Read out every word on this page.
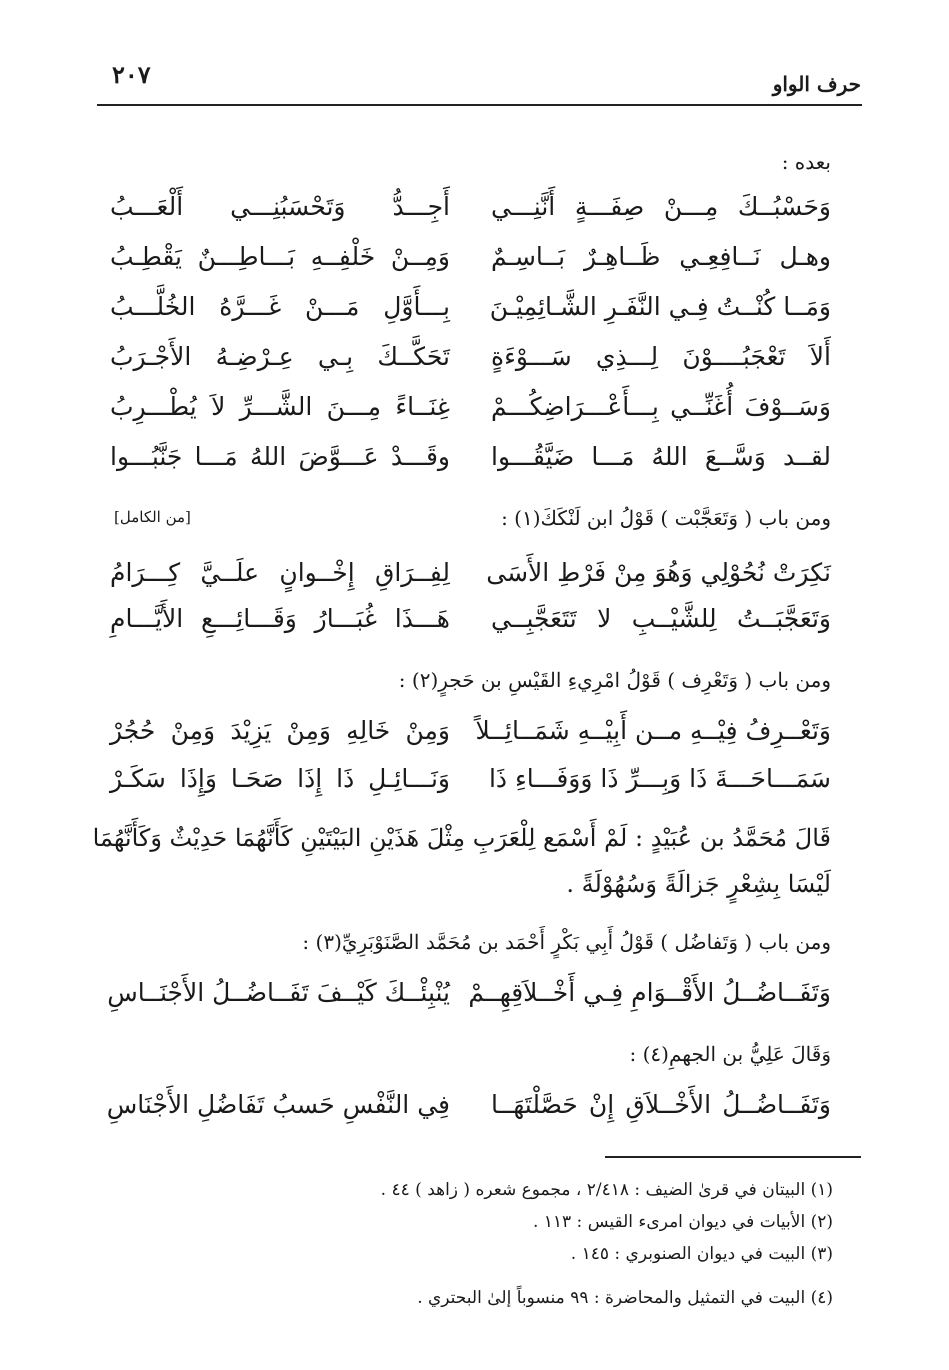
حرف الواو
٢٠٧
بعده :
وَحَسْبُــكَ مِـــنْ صِفَـــةٍ أَنَّنِـــي
أَجِـــدُّ وَتَحْسَبُنِـــي أَلْعَـــبُ
وهـل نَــافِعِـي ظَــاهِـرٌ بَــاسِـمٌ
وَمِــنْ خَلْفِــهِ بَـــاطِـــنٌ يَقْطِـبُ
وَمَــا كُنْــتُ فِـي النَّفَـرِ الشَّـائِمِيْـنَ
بِـــأَوَّلِ مَـــنْ غَـــرَّهُ الخُلَّـــبُ
أَلاَ تَعْجَبُــــوْنَ لِـــذِي سَـــوْءَةٍ
تَحَكَّــكَ بِـي عِـرْضِـهُ الأَجْـرَبُ
وَسَــوْفَ أُغَنِّــي بِـــأَعْـــرَاضِكُـــمْ
غِنَــاءً مِـــنَ الشَّـــرِّ لاَ يُطْـــرِبُ
لقــد وَسَّــعَ اللهُ مَـــا ضَيَّقُـــوا
وقَـــدْ عَـــوَّضَ اللهُ مَـــا جَنَّبُـــوا
ومن باب ( وَتَعَجَّبْت ) قَوْلُ ابن لَنْكَكَ(١) :
[من الكامل]
نَكِرَتْ نُحُوْلِي وَهُوَ مِنْ فَرْطِ الأَسَى
لِفِــرَاقِ إِخْــوانٍ علَــيَّ كِـــرَامُ
وَتَعَجَّبَــتُ لِلشَّيْــبِ لا تَتَعَجَّبِــي
هَـــذَا غُبَـــارُ وَقَـــائِـــعِ الأَيَّـــامِ
ومن باب ( وَتَعْرِف ) قَوْلُ امْرِيءِ القَيْسِ بن حَجرٍ(٢) :
وَتَعْــرِفُ فِيْــهِ مــن أَبِيْــهِ شَمَــائِــلاً
وَمِنْ خَالِهِ وَمِنْ يَزِيْدَ وَمِنْ حُجُرْ
سَمَـــاحَـــةَ ذَا وَبِـــرِّ ذَا وَوَفَـــاءِ ذَا
وَنَـــائِـلِ ذَا إِذَا صَحَـا وَإِذَا سَكَـرْ
قَالَ مُحَمَّدُ بن عُبَيْدٍ : لَمْ أَسْمَع لِلْعَرَبِ مِثْلَ هَذَيْنِ البَيْتَيْنِ كَأَنَّهُمَا حَدِيْثٌ وَكَأَنَّهُمَا
لَيْسَا بِشِعْرٍ جَزالَةً وَسُهُوْلَةً .
ومن باب ( وَتَفاضُل ) قَوْلُ أَبِي بَكْرٍ أَحْمَد بن مُحَمَّد الصَّنَوْبَرِيِّ(٣) :
وَتَفَــاضُــلُ الأَقْــوَامِ فِـي أَخْــلاَقِهِــمْ
يُنْبِئْــكَ كَيْــفَ تَفَــاضُــلُ الأَجْنَــاسِ
وَقَالَ عَلِيُّ بن الجهمِ(٤) :
وَتَفَــاضُــلُ الأَخْــلاَقِ إِنْ حَصَّلْتَهَــا
فِي النَّفْسِ حَسبُ تَفَاضُلِ الأَجْنَاسِ
(١) البيتان في قرىٰ الضيف : ٢/٤١٨ ، مجموع شعره ( زاهد ) ٤٤ .
(٢) الأبيات في ديوان امرىء القيس : ١١٣ .
(٣) البيت في ديوان الصنوبري : ١٤٥ .
(٤) البيت في التمثيل والمحاضرة : ٩٩ منسوباً إلىٰ البحتري .
